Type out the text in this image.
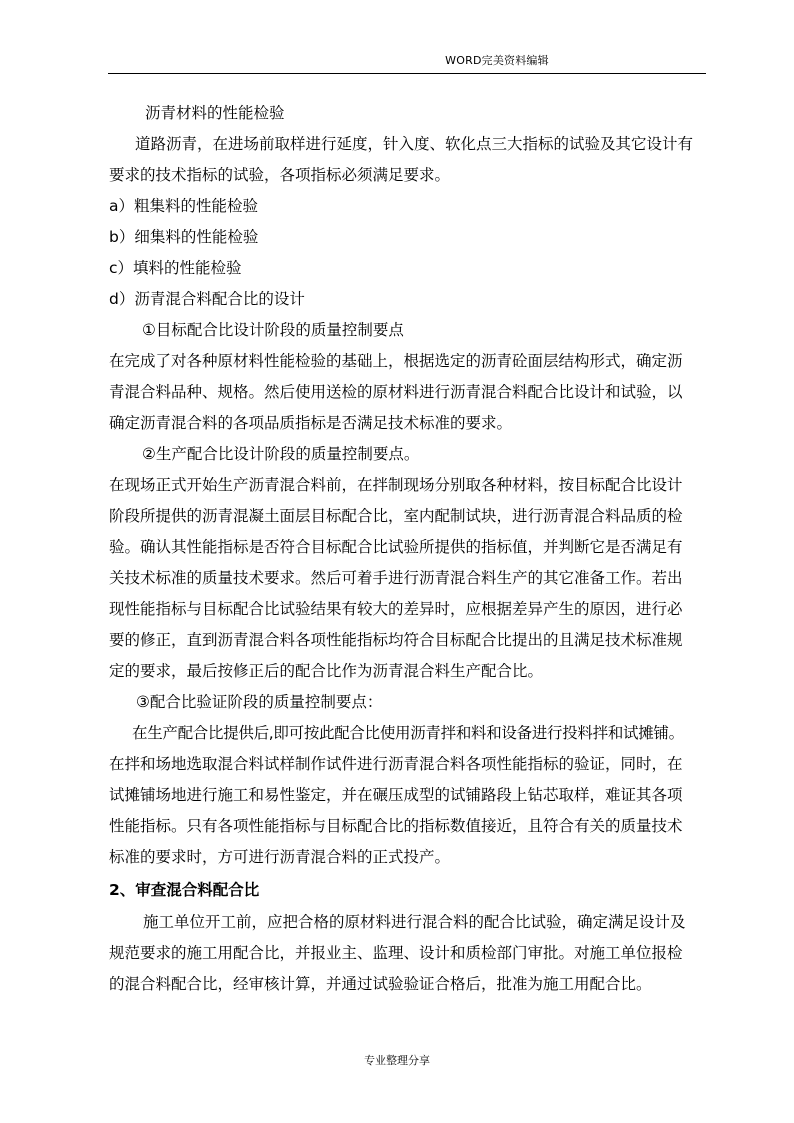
WORD完美资料编辑
沥青材料的性能检验
道路沥青，在进场前取样进行延度，针入度、软化点三大指标的试验及其它设计有
要求的技术指标的试验，各项指标必须满足要求。
a）粗集料的性能检验
b）细集料的性能检验
c）填料的性能检验
d）沥青混合料配合比的设计
①目标配合比设计阶段的质量控制要点
在完成了对各种原材料性能检验的基础上，根据选定的沥青砼面层结构形式，确定沥
青混合料品种、规格。然后使用送检的原材料进行沥青混合料配合比设计和试验，以
确定沥青混合料的各项品质指标是否满足技术标准的要求。
②生产配合比设计阶段的质量控制要点。
在现场正式开始生产沥青混合料前，在拌制现场分别取各种材料，按目标配合比设计
阶段所提供的沥青混凝土面层目标配合比，室内配制试块，进行沥青混合料品质的检
验。确认其性能指标是否符合目标配合比试验所提供的指标值，并判断它是否满足有
关技术标准的质量技术要求。然后可着手进行沥青混合料生产的其它准备工作。若出
现性能指标与目标配合比试验结果有较大的差异时，应根据差异产生的原因，进行必
要的修正，直到沥青混合料各项性能指标均符合目标配合比提出的且满足技术标准规
定的要求，最后按修正后的配合比作为沥青混合料生产配合比。
③配合比验证阶段的质量控制要点：
在生产配合比提供后,即可按此配合比使用沥青拌和料和设备进行投料拌和试摊铺。
在拌和场地选取混合料试样制作试件进行沥青混合料各项性能指标的验证，同时，在
试摊铺场地进行施工和易性鉴定，并在碾压成型的试铺路段上钻芯取样，难证其各项
性能指标。只有各项性能指标与目标配合比的指标数值接近，且符合有关的质量技术
标准的要求时，方可进行沥青混合料的正式投产。
2、审查混合料配合比
施工单位开工前，应把合格的原材料进行混合料的配合比试验，确定满足设计及
规范要求的施工用配合比，并报业主、监理、设计和质检部门审批。对施工单位报检
的混合料配合比，经审核计算，并通过试验验证合格后，批准为施工用配合比。
专业整理分享
